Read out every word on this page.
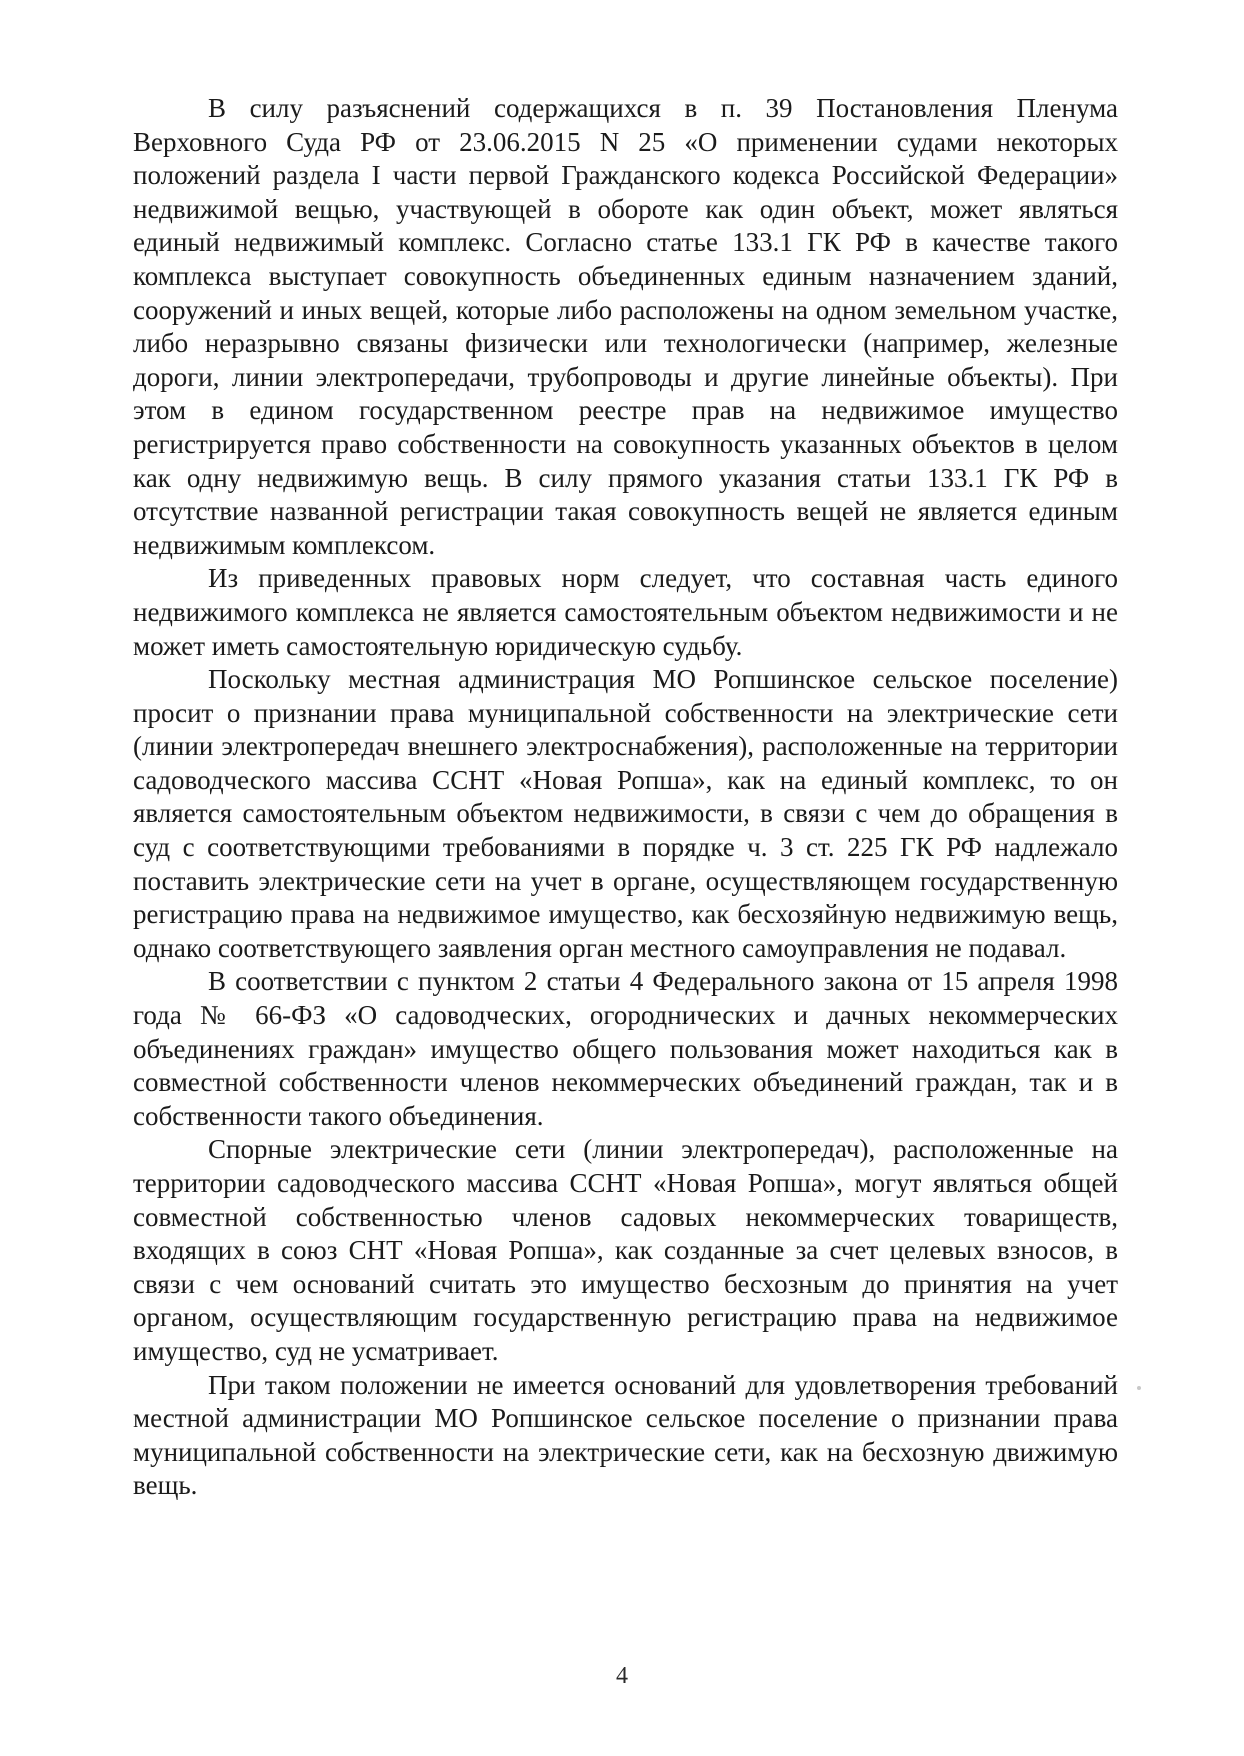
В силу разъяснений содержащихся в п. 39 Постановления Пленума Верховного Суда РФ от 23.06.2015 N 25 «О применении судами некоторых положений раздела I части первой Гражданского кодекса Российской Федерации» недвижимой вещью, участвующей в обороте как один объект, может являться единый недвижимый комплекс. Согласно статье 133.1 ГК РФ в качестве такого комплекса выступает совокупность объединенных единым назначением зданий, сооружений и иных вещей, которые либо расположены на одном земельном участке, либо неразрывно связаны физически или технологически (например, железные дороги, линии электропередачи, трубопроводы и другие линейные объекты). При этом в едином государственном реестре прав на недвижимое имущество регистрируется право собственности на совокупность указанных объектов в целом как одну недвижимую вещь. В силу прямого указания статьи 133.1 ГК РФ в отсутствие названной регистрации такая совокупность вещей не является единым недвижимым комплексом.

Из приведенных правовых норм следует, что составная часть единого недвижимого комплекса не является самостоятельным объектом недвижимости и не может иметь самостоятельную юридическую судьбу.

Поскольку местная администрация МО Ропшинское сельское поселение) просит о признании права муниципальной собственности на электрические сети (линии электропередач внешнего электроснабжения), расположенные на территории садоводческого массива ССНТ «Новая Ропша», как на единый комплекс, то он является самостоятельным объектом недвижимости, в связи с чем до обращения в суд с соответствующими требованиями в порядке ч. 3 ст. 225 ГК РФ надлежало поставить электрические сети на учет в органе, осуществляющем государственную регистрацию права на недвижимое имущество, как бесхозяйную недвижимую вещь, однако соответствующего заявления орган местного самоуправления не подавал.

В соответствии с пунктом 2 статьи 4 Федерального закона от 15 апреля 1998 года № 66-ФЗ «О садоводческих, огороднических и дачных некоммерческих объединениях граждан» имущество общего пользования может находиться как в совместной собственности членов некоммерческих объединений граждан, так и в собственности такого объединения.

Спорные электрические сети (линии электропередач), расположенные на территории садоводческого массива ССНТ «Новая Ропша», могут являться общей совместной собственностью членов садовых некоммерческих товариществ, входящих в союз СНТ «Новая Ропша», как созданные за счет целевых взносов, в связи с чем оснований считать это имущество бесхозным до принятия на учет органом, осуществляющим государственную регистрацию права на недвижимое имущество, суд не усматривает.

При таком положении не имеется оснований для удовлетворения требований местной администрации МО Ропшинское сельское поселение о признании права муниципальной собственности на электрические сети, как на бесхозную движимую вещь.

4
